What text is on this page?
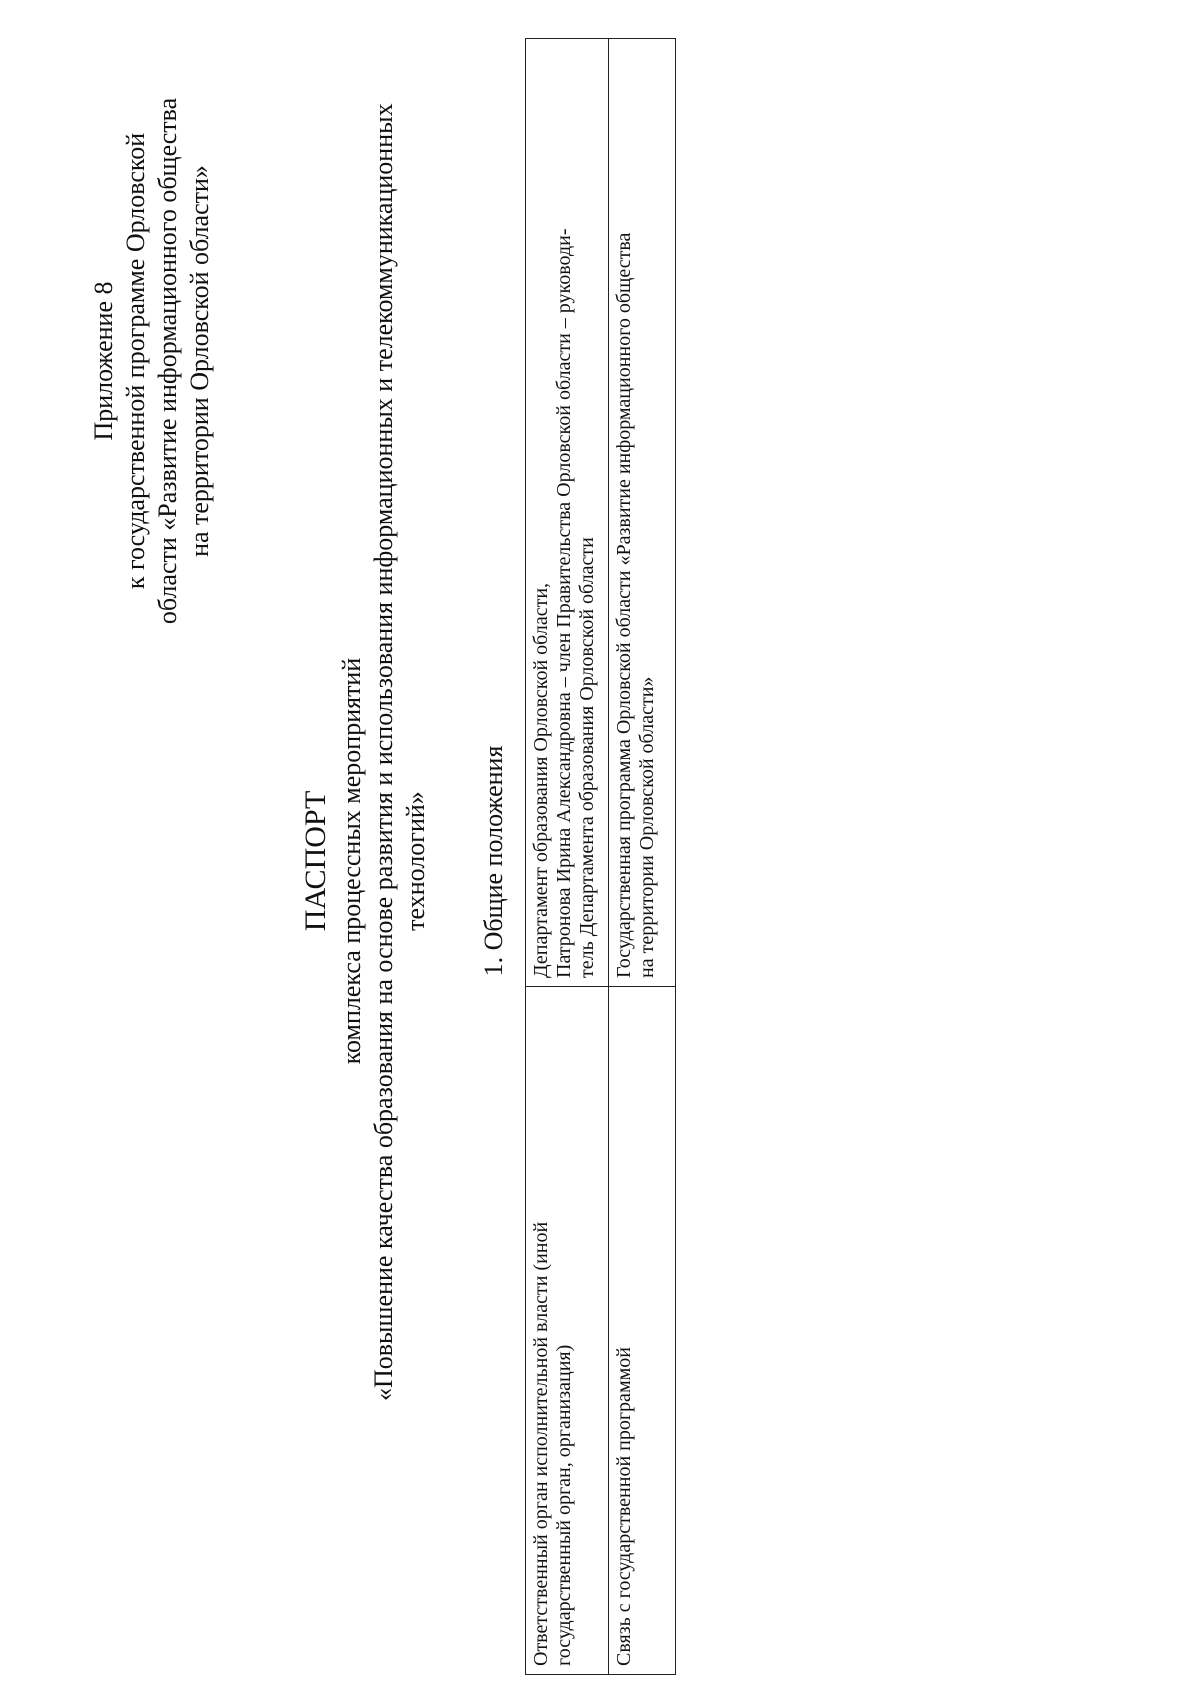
Приложение 8 к государственной программе Орловской области «Развитие информационного общества на территории Орловской области»
ПАСПОРТ комплекса процессных мероприятий «Повышение качества образования на основе развития и использования информационных и телекоммуникационных технологий» 1. Общие положения
Ответственный орган исполнительной власти (иной государственный орган, организация)	Департамент образования Орловской области, Патронова Ирина Александровна – член Правительства Орловской области – руководи- тель Департамента образования Орловской области

Связь с государственной программой	Государственная программа Орловской области «Развитие информационного общества на территории Орловской области»
